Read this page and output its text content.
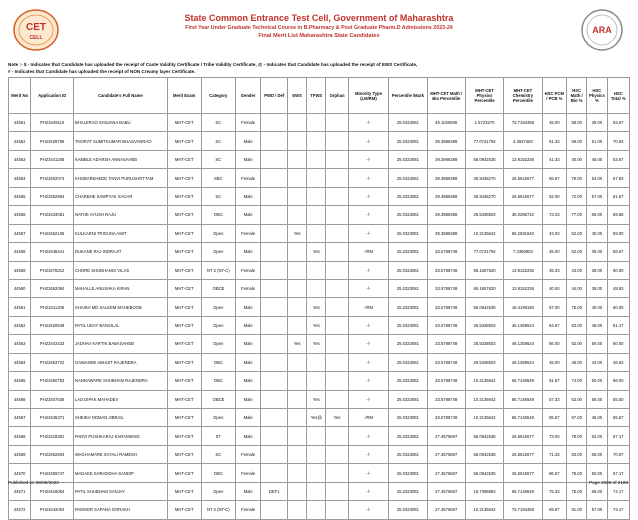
CET
CELL
State Common Entrance Test Cell, Government of Maharashtra
First Year Under Graduate Technical Course in B.Pharmacy & Post Graduate Pharm.D Admissions 2023-24
Final Merit List Maharashtra State Candidates
ARA
Note :- $ - Indicates that Candidate has uploaded the receipt of Caste Validity Certificate / Tribe Validity Certificate, @ - Indicates that Candidate has uploaded the receipt of EWS Certificate,
# - Indicates that Candidate has uploaded the receipt of NON Creamy layer Certificate.
Merit No	Application ID	Candidate's Full Name	Merit Exam	Category	Gender	PWD / Def	EWS	TFWS	Orphan	Minority Type (LM/RM)	Percentile /Mark	MHT-CET Math / Bio Percentile	MHT-CET Physics Percentile	MHT-CET Chemistry Percentile	HSC PCM / PCB %	HSC Math / Bio %	HSC Physics %	HSC Total %
44551	PH23449110	BHALERAO SANJANA BABU	MHT-CET	SC	Female					-/-	25.0323081	45.1020936	1.5723270	73.7184458	45.00	58.00	35.00	53.67
44552	PH23429786	THORAT SUMITKUMAR BHAGVANRAO	MHT-CET	SC	Male					-/-	25.0323081	39.3986388	77.0741794	4.3637460	61.33	69.00	51.00	70.83
44553	PH23441208	KAMBLE ADARSH ANNASAHEB	MHT-CET	SC	Male					-/-	25.0323081	39.3986388	58.0942535	13.9152236	41.33	40.00	46.00	53.67
44554	PH23402073	KHOBARKHEDE TANVI PURUSHOTTAM	MHT-CET	SBC	Female					-/-	25.0323081	39.3986388	35.9438270	26.5615577	65.67	79.00	54.00	67.83
44555	PH23462964	CHARBHE SAMPYAK SAGAR	MHT-CET	SC	Male					-/-	25.0323081	39.3986388	35.9438270	26.5615577	62.00	72.00	57.00	61.67
44556	PH23434081	NATHE AYUSH RAJU	MHT-CET	OBC	Male					-/-	25.0323081	39.3986388	25.5338503	36.0256742	73.33	77.00	66.00	69.85
44557	PH23462106	KULKARNI TRIGUNA AMIT	MHT-CET	Open	Female		Yes			-/-	25.0323081	39.3986388	10.2136642	56.2591540	43.00	52.00	40.00	59.00
44558	PH23448441	DUKANE RAJ INDRAJIT	MHT-CET	Open	Male			Yes		-/RM	25.0323081	33.5788748	77.0741794	7.3360803	45.00	52.00	36.00	58.67
44559	PH23478312	CHORE SHUBHANGI VILAS	MHT-CET	NT 2 (NT-C)	Female					-/-	25.0323081	33.5788748	68.1657620	13.9152236	45.33	43.00	38.00	60.00
44560	PH23462084	MAHALLE ANUSHKA KIRAN	MHT-CET	OBC$	Female					-/-	25.0323081	33.5788748	68.1657620	13.9152236	40.00	44.00	38.00	48.83
44561	PH23411206	SHAIKH MD SALEEM MAHEBOOB	MHT-CET	Open	Male			Yes		-/RM	25.0323081	33.5788748	58.0942535	18.4199190	57.00	75.00	40.00	60.00
44562	PH23420549	PATIL UDAY BANSILAL	MHT-CET	Open	Male			Yes		-/-	25.0323081	33.5788748	25.5338503	46.1359524	64.67	83.00	48.00	61.17
44563	PH23443433	JADHAV KARTIK BABASAHEB	MHT-CET	Open	Male		Yes	Yes		-/-	25.0323081	33.5788748	25.5338503	46.1359524	56.00	52.00	59.00	60.00
44564	PH23463722	GAWANDE ABHIJIT RAJENDRA	MHT-CET	OBC	Male					-/-	25.0323081	33.5788748	25.5338503	46.1359524	45.00	46.00	43.00	46.83
44565	PH23460753	NANNAWARE SHUBHAM RAJENDRA	MHT-CET	OBC	Male					-/-	25.0323081	33.5788748	10.2136642	65.7146549	61.67	74.00	50.00	66.00
44566	PH23407836	LAD DIPAK MAHADEV	MHT-CET	OBC$	Male			Yes		-/-	25.0323081	33.5788748	10.2136642	65.7146549	57.33	53.00	58.00	55.50
44567	PH23445371	SHEIKH NOMAN JIBRAIL	MHT-CET	Open	Male			Yes@	Yes	-/RM	25.0323081	33.5788748	10.2136642	65.7146549	55.67	67.00	46.00	65.67
44568	PH23418381	PADVI PUSHKARAJ KARAMSING	MHT-CET	ST	Male					-/-	25.0323081	27.4575687	58.0942535	26.5615577	73.00	78.00	62.00	67.17
44569	PH23462604	WAGHAMARE SAYALI RAMESH	MHT-CET	SC	Female					-/-	25.0323081	27.4575687	58.0942535	26.5615577	71.33	83.00	68.00	70.67
44570	PH23409747	MADAKE SHRADDHA SANDIP	MHT-CET	OBC	Female					-/-	25.0323081	27.4575687	58.0942535	26.5615577	86.67	78.00	50.00	67.17
44571	PH23416054	PATIL SHUBHAM SANJAY	MHT-CET	Open	Male	DEF1				-/-	25.0323081	27.4575687	16.7398883	65.7146549	75.33	75.00	69.00	74.17
44572	PH23442004	PADMOR SAPANA GORAKH	MHT-CET	NT 2 (NT-C)	Female					-/-	25.0323081	27.4575687	10.2136642	73.7184458	69.67	91.00	57.00	73.17
Published on 08/08/2023	Page 2026 of 2188
